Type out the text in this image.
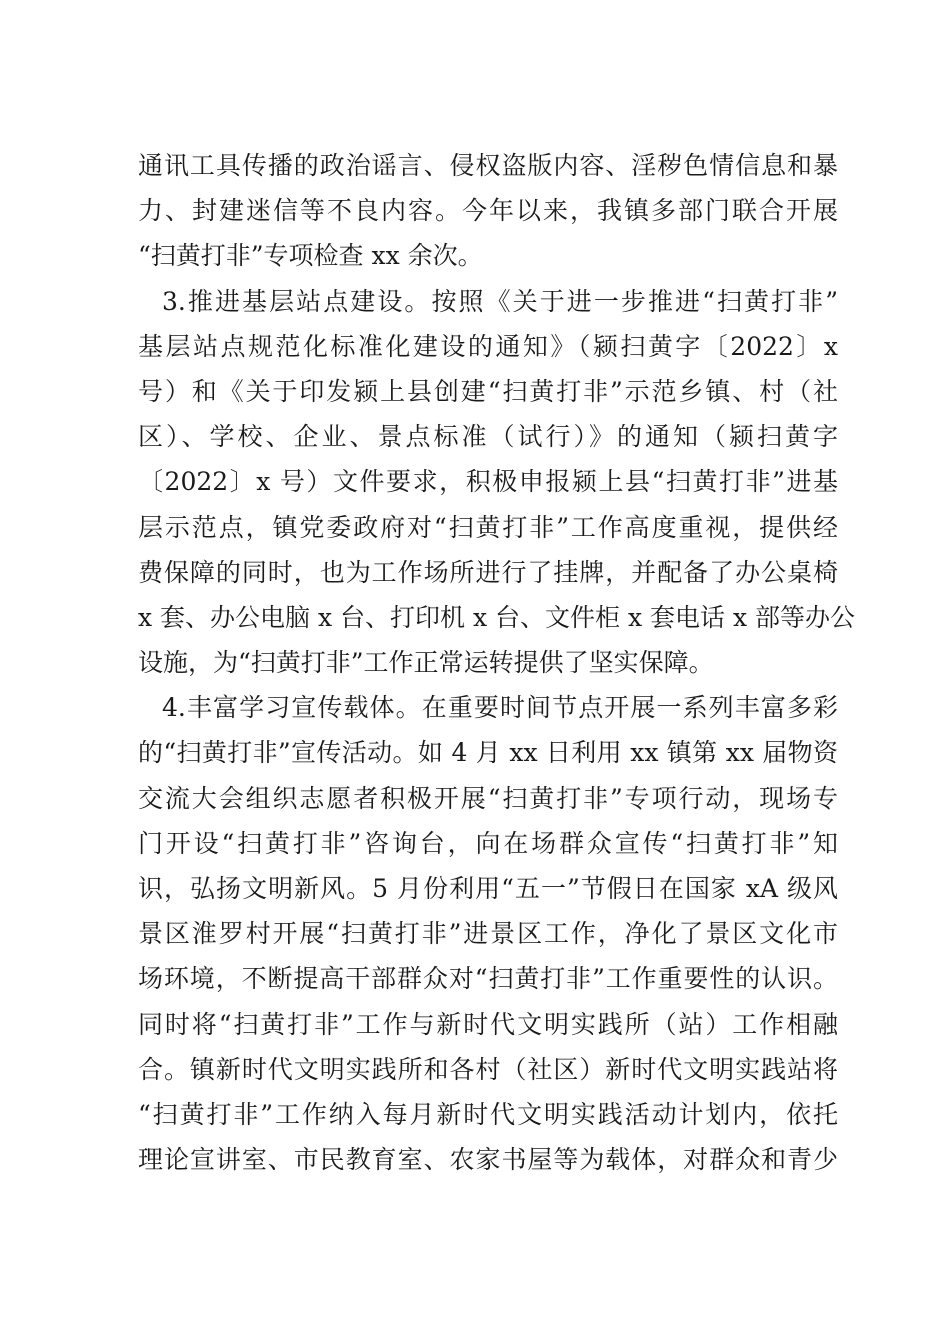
通讯工具传播的政治谣言、侵权盗版内容、淫秽色情信息和暴
力、封建迷信等不良内容。今年以来，我镇多部门联合开展
“扫黄打非”专项检查 xx 余次。
3.推进基层站点建设。按照《关于进一步推进“扫黄打非”
基层站点规范化标准化建设的通知》（颍扫黄字〔2022〕x
号）和《关于印发颍上县创建“扫黄打非”示范乡镇、村（社
区）、学校、企业、景点标准（试行）》的通知（颍扫黄字
〔2022〕x 号）文件要求，积极申报颍上县“扫黄打非”进基
层示范点，镇党委政府对“扫黄打非”工作高度重视，提供经
费保障的同时，也为工作场所进行了挂牌，并配备了办公桌椅
x 套、办公电脑 x 台、打印机 x 台、文件柜 x 套电话 x 部等办公
设施，为“扫黄打非”工作正常运转提供了坚实保障。
4.丰富学习宣传载体。在重要时间节点开展一系列丰富多彩
的“扫黄打非”宣传活动。如 4 月 xx 日利用 xx 镇第 xx 届物资
交流大会组织志愿者积极开展“扫黄打非”专项行动，现场专
门开设“扫黄打非”咨询台，向在场群众宣传“扫黄打非”知
识，弘扬文明新风。5 月份利用“五一”节假日在国家 xA 级风
景区淮罗村开展“扫黄打非”进景区工作，净化了景区文化市
场环境，不断提高干部群众对“扫黄打非”工作重要性的认识。
同时将“扫黄打非”工作与新时代文明实践所（站）工作相融
合。镇新时代文明实践所和各村（社区）新时代文明实践站将
“扫黄打非”工作纳入每月新时代文明实践活动计划内，依托
理论宣讲室、市民教育室、农家书屋等为载体，对群众和青少
